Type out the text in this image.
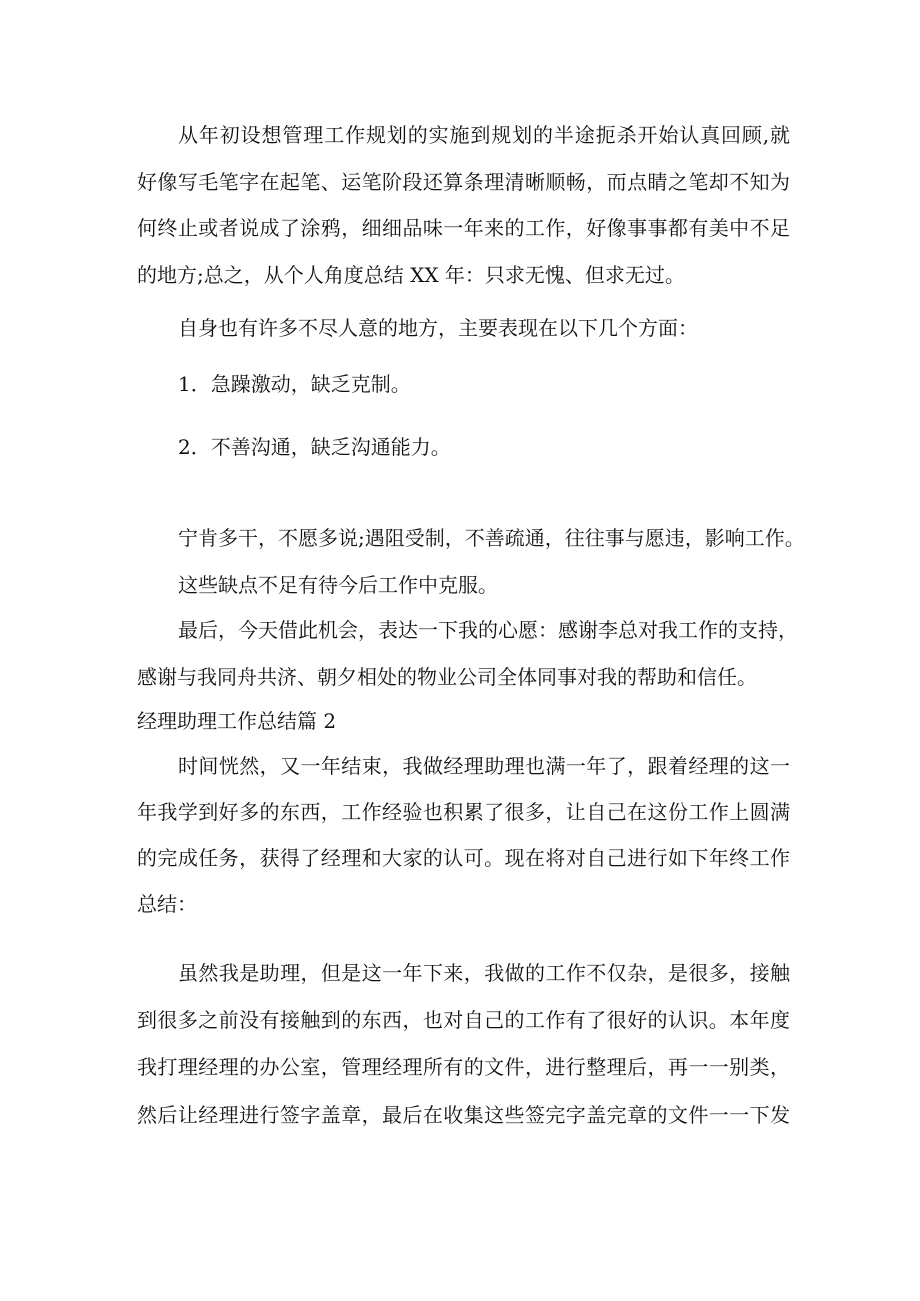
从年初设想管理工作规划的实施到规划的半途扼杀开始认真回顾,就
好像写毛笔字在起笔、运笔阶段还算条理清晰顺畅，而点睛之笔却不知为
何终止或者说成了涂鸦，细细品味一年来的工作，好像事事都有美中不足
的地方;总之，从个人角度总结 XX 年：只求无愧、但求无过。
自身也有许多不尽人意的地方，主要表现在以下几个方面：
1．急躁激动，缺乏克制。
2．不善沟通，缺乏沟通能力。
宁肯多干，不愿多说;遇阻受制，不善疏通，往往事与愿违，影响工作。
这些缺点不足有待今后工作中克服。
最后，今天借此机会，表达一下我的心愿：感谢李总对我工作的支持，
感谢与我同舟共济、朝夕相处的物业公司全体同事对我的帮助和信任。
经理助理工作总结篇 2
时间恍然，又一年结束，我做经理助理也满一年了，跟着经理的这一
年我学到好多的东西，工作经验也积累了很多，让自己在这份工作上圆满
的完成任务，获得了经理和大家的认可。现在将对自己进行如下年终工作
总结：
虽然我是助理，但是这一年下来，我做的工作不仅杂，是很多，接触
到很多之前没有接触到的东西，也对自己的工作有了很好的认识。本年度
我打理经理的办公室，管理经理所有的文件，进行整理后，再一一别类，
然后让经理进行签字盖章，最后在收集这些签完字盖完章的文件一一下发
